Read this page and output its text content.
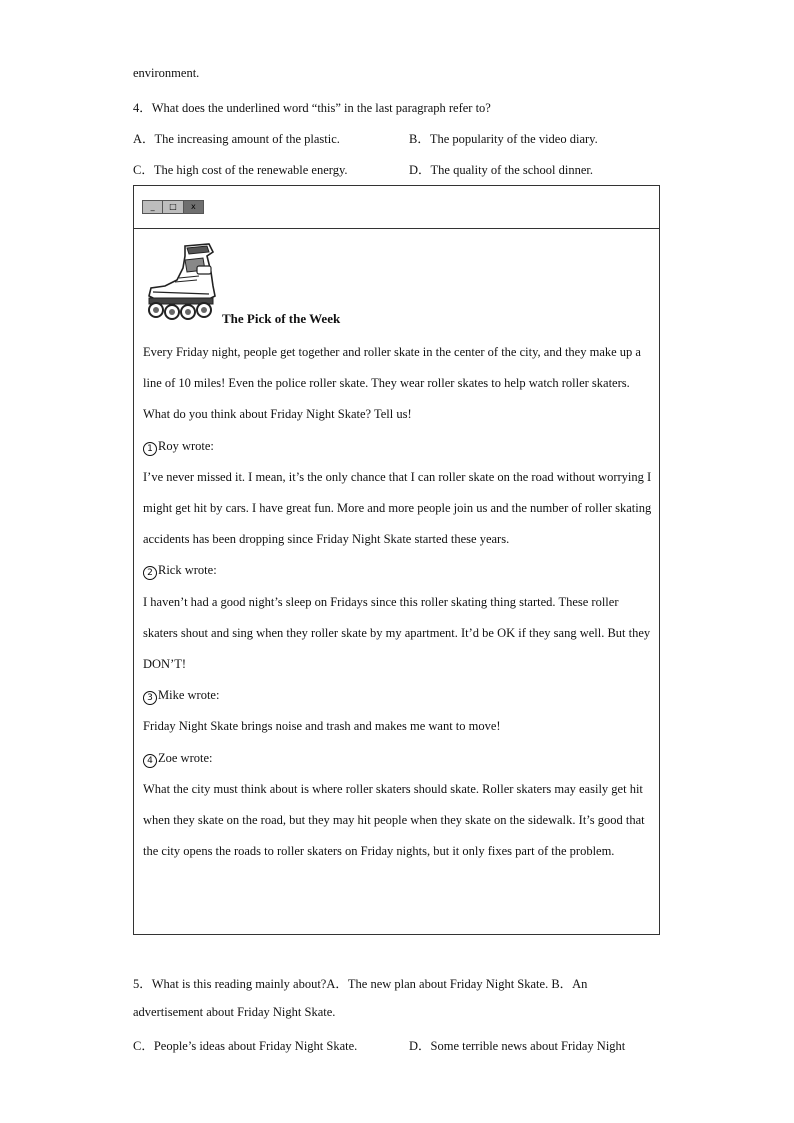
environment.
4．What does the underlined word “this” in the last paragraph refer to?
A．The increasing amount of the plastic.	B．The popularity of the video diary.
C．The high cost of the renewable energy.	D．The quality of the school dinner.
_	□	x
The Pick of the Week

Every Friday night, people get together and roller skate in the center of the city, and they make up a line of 10 miles! Even the police roller skate. They wear roller skates to help watch roller skaters. What do you think about Friday Night Skate? Tell us!

1 Roy wrote:

I’ve never missed it. I mean, it’s the only chance that I can roller skate on the road without worrying I might get hit by cars. I have great fun. More and more people join us and the number of roller skating accidents has been dropping since Friday Night Skate started these years.

2 Rick wrote:

I haven’t had a good night’s sleep on Fridays since this roller skating thing started. These roller skaters shout and sing when they roller skate by my apartment. It’d be OK if they sang well. But they DON’T!

3 Mike wrote:

Friday Night Skate brings noise and trash and makes me want to move!

4 Zoe wrote:

What the city must think about is where roller skaters should skate. Roller skaters may easily get hit when they skate on the road, but they may hit people when they skate on the sidewalk. It’s good that the city opens the roads to roller skaters on Friday nights, but it only fixes part of the problem.

5．What is this reading mainly about?A．The new plan about Friday Night Skate. B．An
advertisement about Friday Night Skate.
C．People’s ideas about Friday Night Skate.	D．Some terrible news about Friday Night
